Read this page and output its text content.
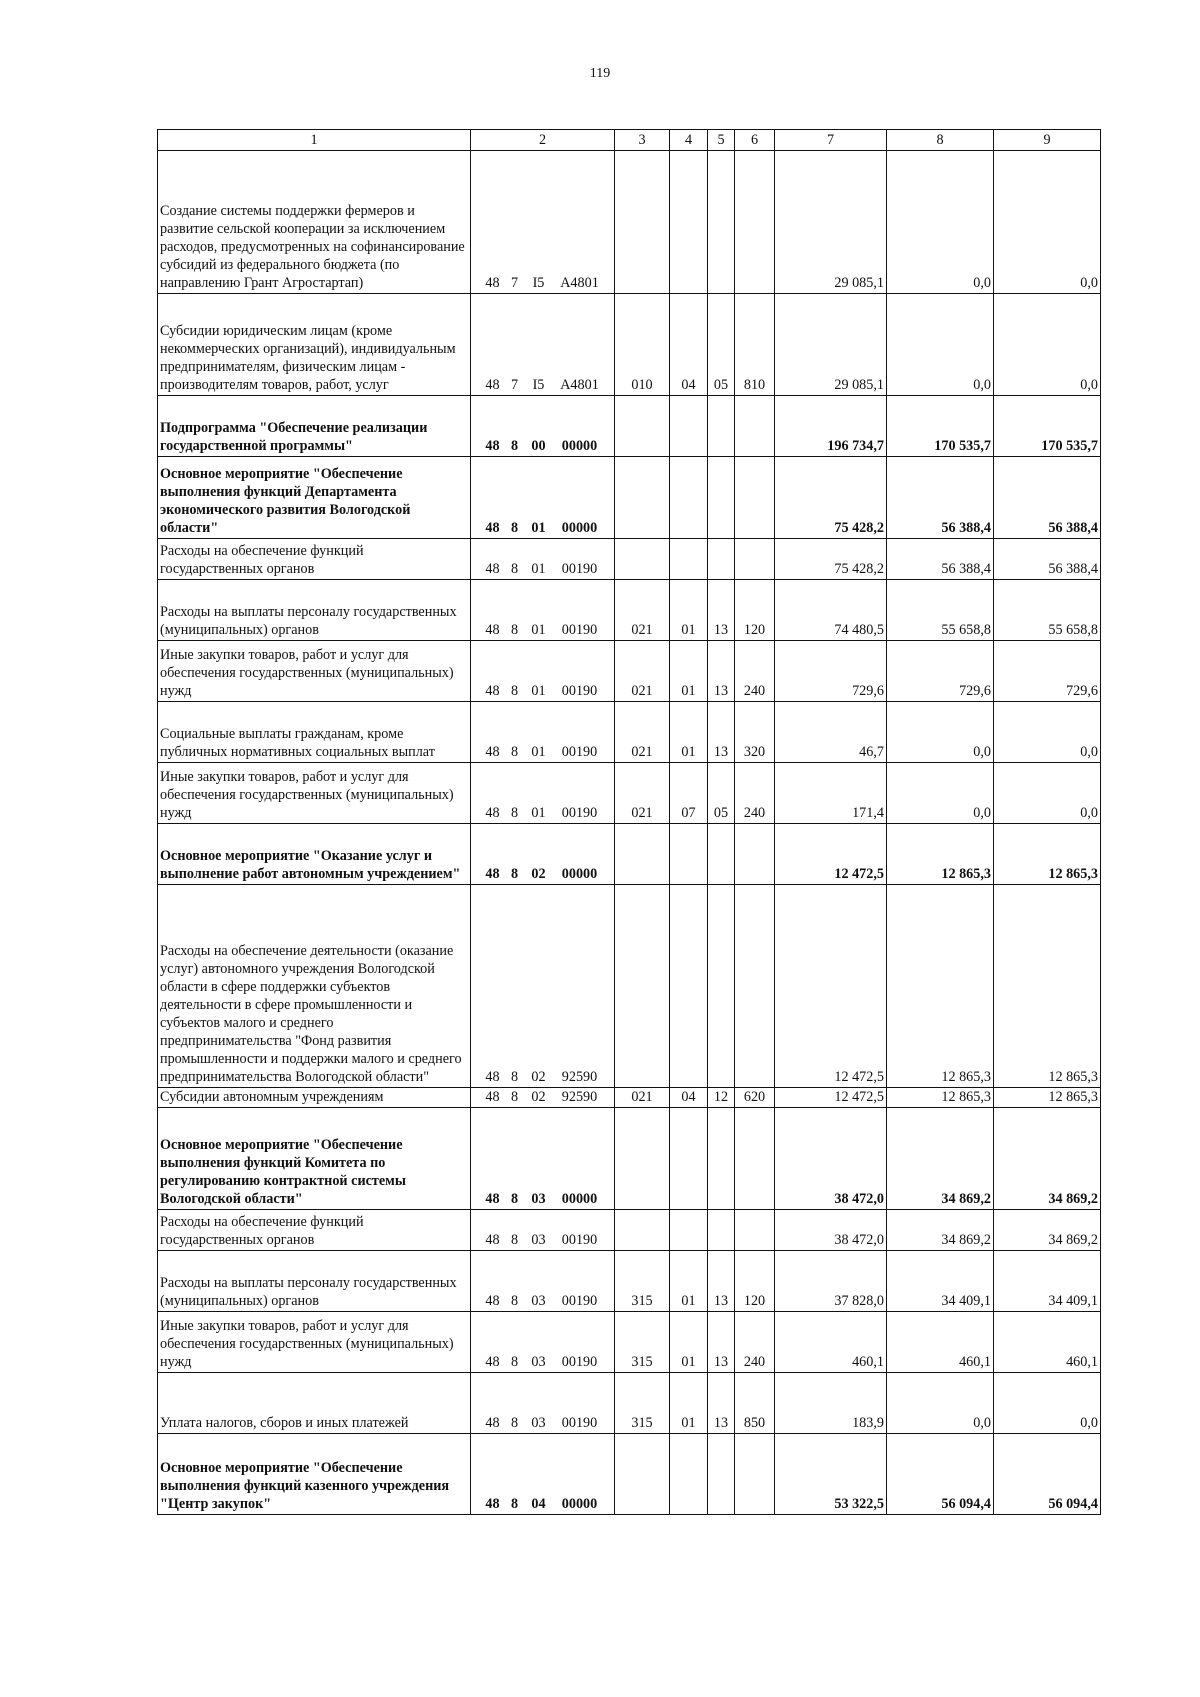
119
1	2	3	4	5	6	7	8	9
Создание системы поддержки фермеров и развитие сельской кооперации за исключением расходов, предусмотренных на софинансирование субсидий из федерального бюджета (по направлению Грант Агростартап)	48 7 I5 А4801					29 085,1	0,0	0,0
Субсидии юридическим лицам (кроме некоммерческих организаций), индивидуальным предпринимателям, физическим лицам - производителям товаров, работ, услуг	48 7 I5 А4801	010	04	05	810	29 085,1	0,0	0,0
Подпрограмма "Обеспечение реализации государственной программы"	48 8 00 00000					196 734,7	170 535,7	170 535,7
Основное мероприятие "Обеспечение выполнения функций Департамента экономического развития Вологодской области"	48 8 01 00000					75 428,2	56 388,4	56 388,4
Расходы на обеспечение функций государственных органов	48 8 01 00190					75 428,2	56 388,4	56 388,4
Расходы на выплаты персоналу государственных (муниципальных) органов	48 8 01 00190	021	01	13	120	74 480,5	55 658,8	55 658,8
Иные закупки товаров, работ и услуг для обеспечения государственных (муниципальных) нужд	48 8 01 00190	021	01	13	240	729,6	729,6	729,6
Социальные выплаты гражданам, кроме публичных нормативных социальных выплат	48 8 01 00190	021	01	13	320	46,7	0,0	0,0
Иные закупки товаров, работ и услуг для обеспечения государственных (муниципальных) нужд	48 8 01 00190	021	07	05	240	171,4	0,0	0,0
Основное мероприятие "Оказание услуг и выполнение работ автономным учреждением"	48 8 02 00000					12 472,5	12 865,3	12 865,3
Расходы на обеспечение деятельности (оказание услуг) автономного учреждения Вологодской области в сфере поддержки субъектов деятельности в сфере промышленности и субъектов малого и среднего предпринимательства "Фонд развития промышленности и поддержки малого и среднего предпринимательства Вологодской области"	48 8 02 92590					12 472,5	12 865,3	12 865,3
Субсидии автономным учреждениям	48 8 02 92590	021	04	12	620	12 472,5	12 865,3	12 865,3
Основное мероприятие "Обеспечение выполнения функций Комитета по регулированию контрактной системы Вологодской области"	48 8 03 00000					38 472,0	34 869,2	34 869,2
Расходы на обеспечение функций государственных органов	48 8 03 00190					38 472,0	34 869,2	34 869,2
Расходы на выплаты персоналу государственных (муниципальных) органов	48 8 03 00190	315	01	13	120	37 828,0	34 409,1	34 409,1
Иные закупки товаров, работ и услуг для обеспечения государственных (муниципальных) нужд	48 8 03 00190	315	01	13	240	460,1	460,1	460,1
Уплата налогов, сборов и иных платежей	48 8 03 00190	315	01	13	850	183,9	0,0	0,0
Основное мероприятие "Обеспечение выполнения функций казенного учреждения "Центр закупок"	48 8 04 00000					53 322,5	56 094,4	56 094,4
